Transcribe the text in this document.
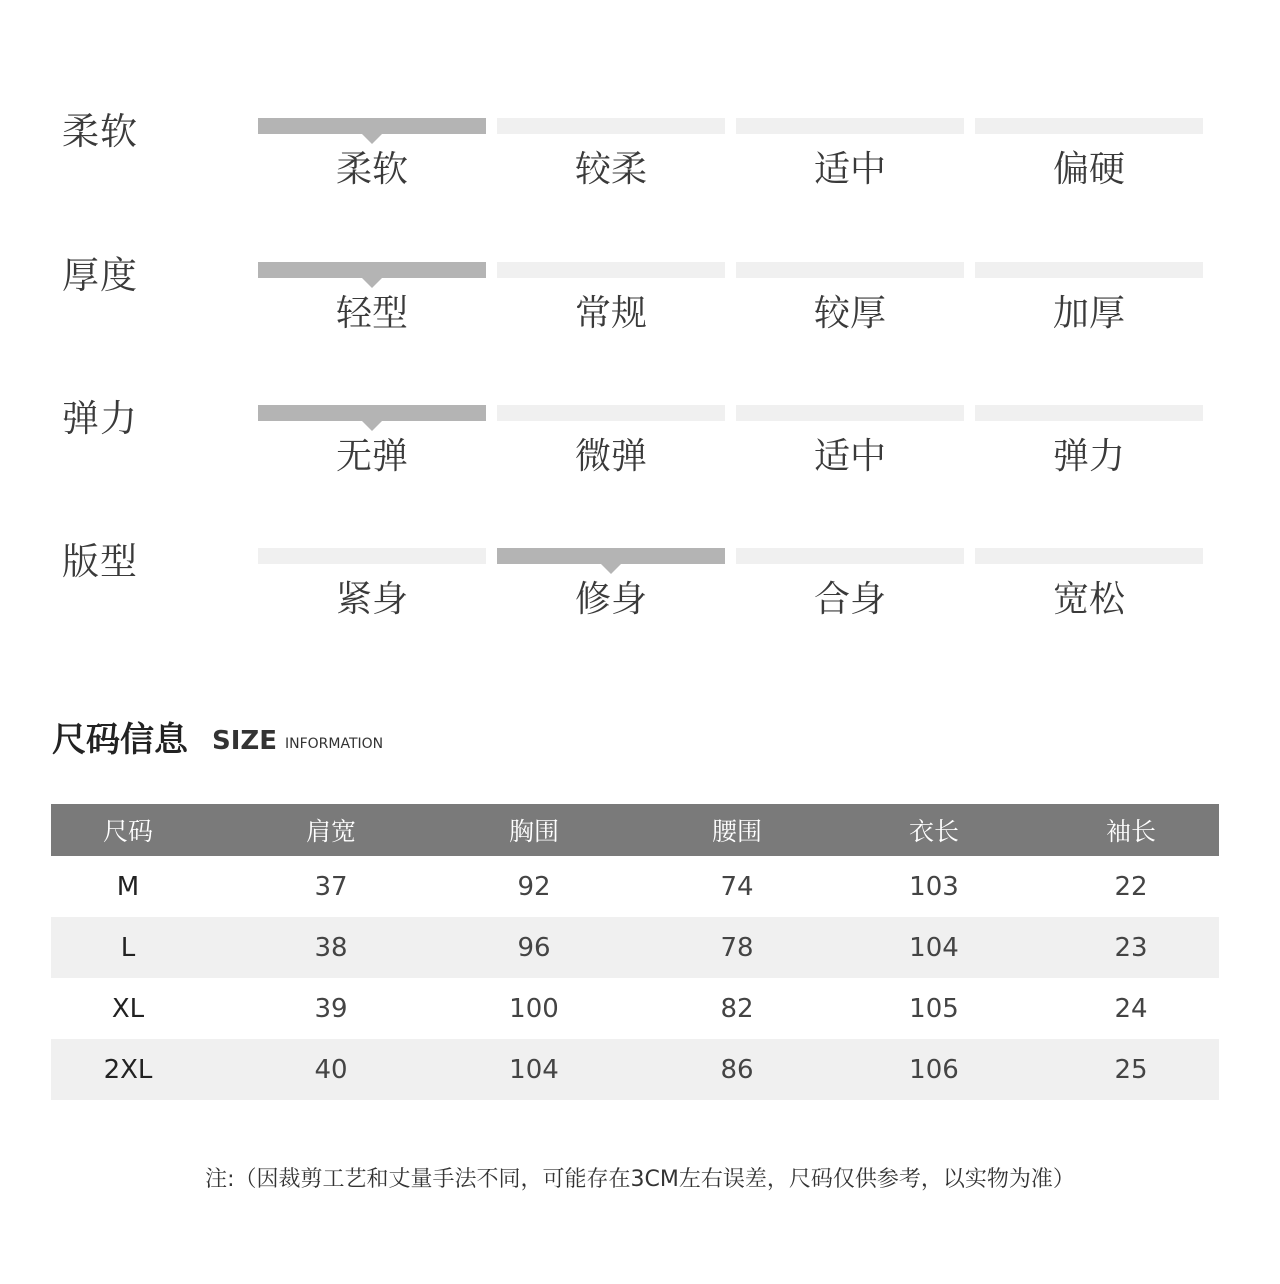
柔软
柔软	较柔	适中	偏硬
厚度
轻型	常规	较厚	加厚
弹力
无弹	微弹	适中	弹力
版型
紧身	修身	合身	宽松
尺码信息 SIZE INFORMATION
尺码	肩宽	胸围	腰围	衣长	袖长
M	37	92	74	103	22
L	38	96	78	104	23
XL	39	100	82	105	24
2XL	40	104	86	106	25
注:（因裁剪工艺和丈量手法不同，可能存在3CM左右误差，尺码仅供参考，以实物为准）
